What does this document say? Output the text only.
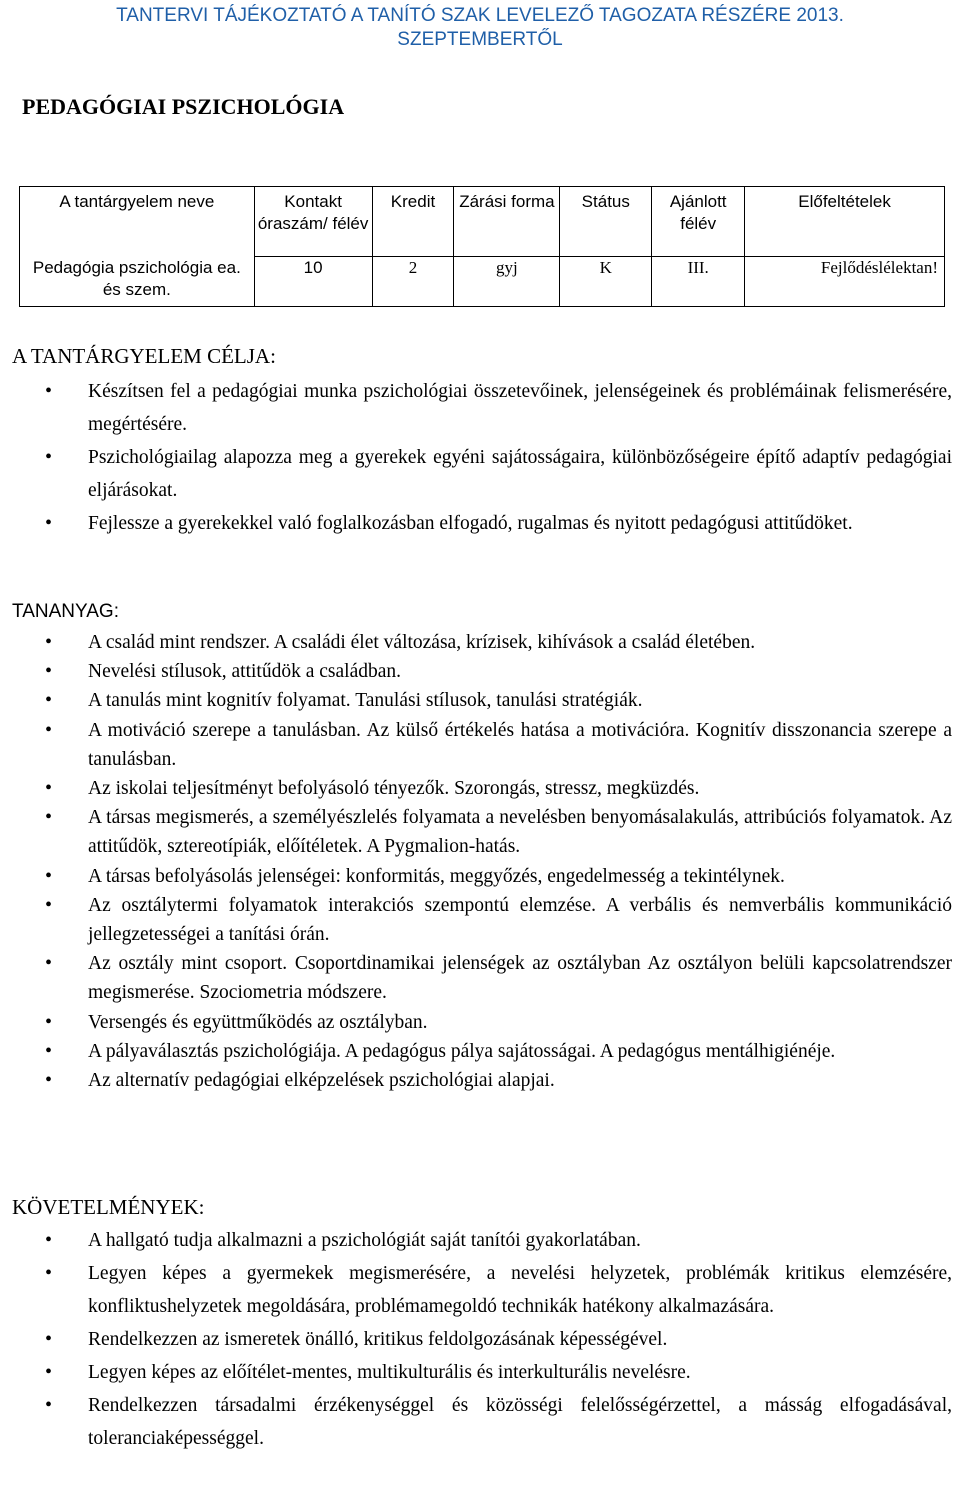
TANTERVI TÁJÉKOZTATÓ A TANÍTÓ SZAK LEVELEZŐ TAGOZATA RÉSZÉRE 2013.
SZEPTEMBERTŐL
PEDAGÓGIAI PSZICHOLÓGIA
A tantárgyelem neve	Kontakt óraszám/ félév	Kredit	Zárási forma	Státus	Ajánlott félév	Előfeltételek
Pedagógia pszichológia ea. és szem.	10	2	gyj	K	III.	Fejlődéslélektan!
A TANTÁRGYELEM CÉLJA:
• Készítsen fel a pedagógiai munka pszichológiai összetevőinek, jelenségeinek és problémáinak felismerésére, megértésére.
• Pszichológiailag alapozza meg a gyerekek egyéni sajátosságaira, különbözőségeire építő adaptív pedagógiai eljárásokat.
• Fejlessze a gyerekekkel való foglalkozásban elfogadó, rugalmas és nyitott pedagógusi attitűdöket.
TANANYAG:
• A család mint rendszer. A családi élet változása, krízisek, kihívások a család életében.
• Nevelési stílusok, attitűdök a családban.
• A tanulás mint kognitív folyamat. Tanulási stílusok, tanulási stratégiák.
• A motiváció szerepe a tanulásban. Az külső értékelés hatása a motivációra. Kognitív disszonancia szerepe a tanulásban.
• Az iskolai teljesítményt befolyásoló tényezők. Szorongás, stressz, megküzdés.
• A társas megismerés, a személyészlelés folyamata a nevelésben benyomásalakulás, attribúciós folyamatok. Az attitűdök, sztereotípiák, előítéletek. A Pygmalion-hatás.
• A társas befolyásolás jelenségei: konformitás, meggyőzés, engedelmesség a tekintélynek.
• Az osztálytermi folyamatok interakciós szempontú elemzése. A verbális és nemverbális kommunikáció jellegzetességei a tanítási órán.
• Az osztály mint csoport. Csoportdinamikai jelenségek az osztályban Az osztályon belüli kapcsolatrendszer megismerése. Szociometria módszere.
• Versengés és együttműködés az osztályban.
• A pályaválasztás pszichológiája. A pedagógus pálya sajátosságai. A pedagógus mentálhigiénéje.
• Az alternatív pedagógiai elképzelések pszichológiai alapjai.
KÖVETELMÉNYEK:
• A hallgató tudja alkalmazni a pszichológiát saját tanítói gyakorlatában.
• Legyen képes a gyermekek megismerésére, a nevelési helyzetek, problémák kritikus elemzésére, konfliktushelyzetek megoldására, problémamegoldó technikák hatékony alkalmazására.
• Rendelkezzen az ismeretek önálló, kritikus feldolgozásának képességével.
• Legyen képes az előítélet-mentes, multikulturális és interkulturális nevelésre.
• Rendelkezzen társadalmi érzékenységgel és közösségi felelősségérzettel, a másság elfogadásával, toleranciaképességgel.
